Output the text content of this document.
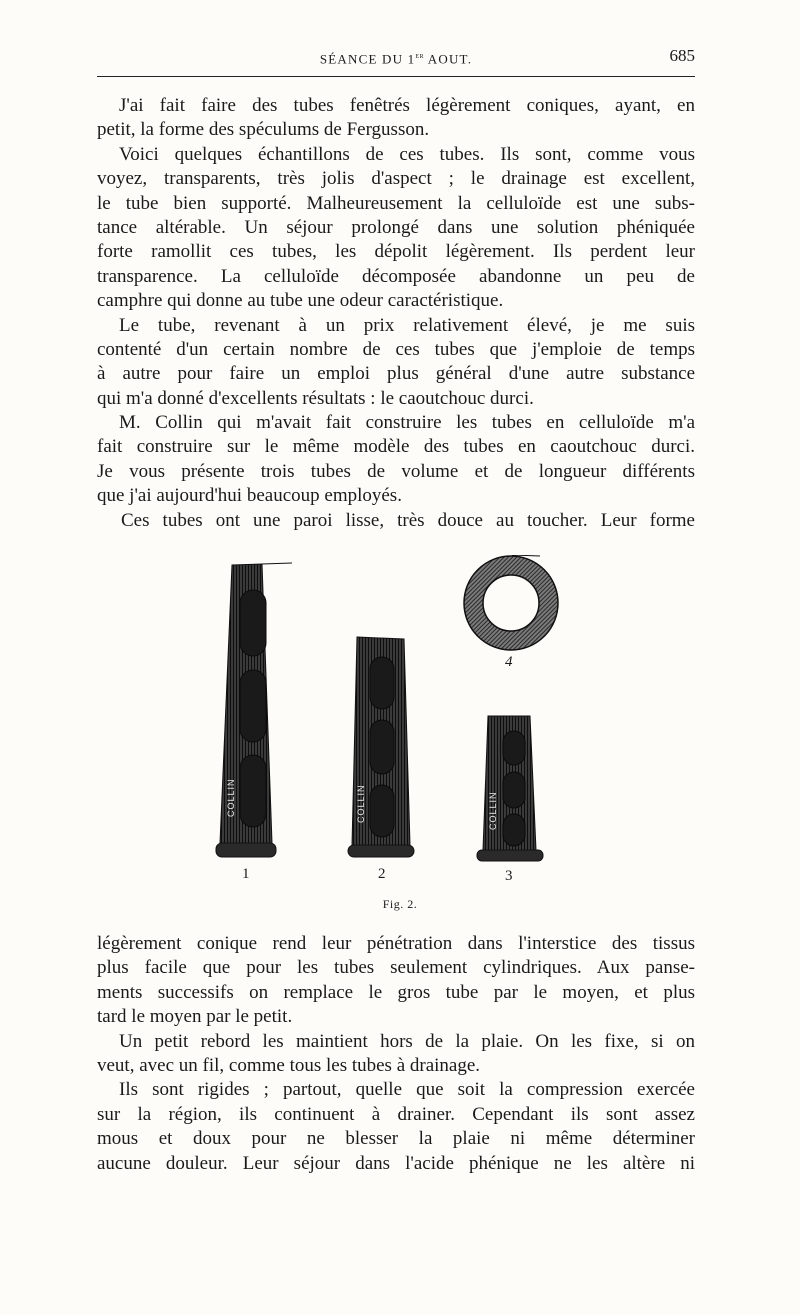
SÉANCE DU 1er AOUT.	685
J'ai fait faire des tubes fenêtrés légèrement coniques, ayant, en
petit, la forme des spéculums de Fergusson.
Voici quelques échantillons de ces tubes. Ils sont, comme vous
voyez, transparents, très jolis d'aspect ; le drainage est excellent,
le tube bien supporté. Malheureusement la celluloïde est une subs-
tance altérable. Un séjour prolongé dans une solution phéniquée
forte ramollit ces tubes, les dépolit légèrement. Ils perdent leur
transparence. La celluloïde décomposée abandonne un peu de
camphre qui donne au tube une odeur caractéristique.
Le tube, revenant à un prix relativement élevé, je me suis
contenté d'un certain nombre de ces tubes que j'emploie de temps
à autre pour faire un emploi plus général d'une autre substance
qui m'a donné d'excellents résultats : le caoutchouc durci.
M. Collin qui m'avait fait construire les tubes en celluloïde m'a
fait construire sur le même modèle des tubes en caoutchouc durci.
Je vous présente trois tubes de volume et de longueur différents
que j'ai aujourd'hui beaucoup employés.
Ces tubes ont une paroi lisse, très douce au toucher. Leur forme
COLLIN	COLLIN	COLLIN
4
1	2	3
Fig. 2.
légèrement conique rend leur pénétration dans l'interstice des tissus
plus facile que pour les tubes seulement cylindriques. Aux panse-
ments successifs on remplace le gros tube par le moyen, et plus
tard le moyen par le petit.
Un petit rebord les maintient hors de la plaie. On les fixe, si on
veut, avec un fil, comme tous les tubes à drainage.
Ils sont rigides ; partout, quelle que soit la compression exercée
sur la région, ils continuent à drainer. Cependant ils sont assez
mous et doux pour ne blesser la plaie ni même déterminer
aucune douleur. Leur séjour dans l'acide phénique ne les altère ni
